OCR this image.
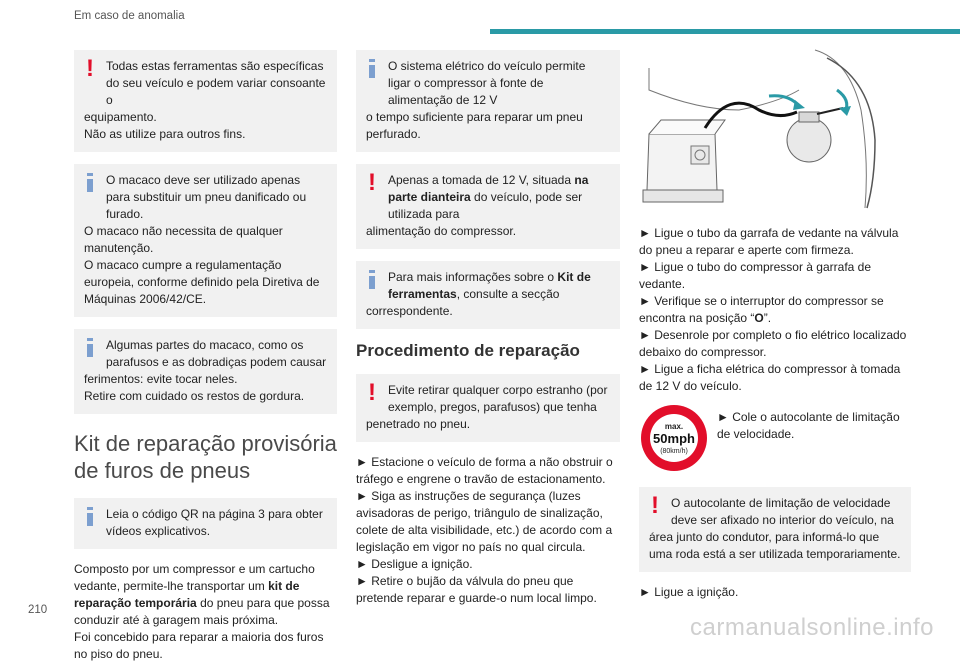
Em caso de anomalia
!	Todas estas ferramentas são específicas do seu veículo e podem variar consoante o
equipamento.
Não as utilize para outros fins.
O macaco deve ser utilizado apenas para substituir um pneu danificado ou furado.
O macaco não necessita de qualquer manutenção.
O macaco cumpre a regulamentação europeia, conforme definido pela Diretiva de Máquinas 2006/42/CE.
Algumas partes do macaco, como os parafusos e as dobradiças podem causar
ferimentos: evite tocar neles.
Retire com cuidado os restos de gordura.
Kit de reparação provisória de furos de pneus
Leia o código QR na página 3 para obter vídeos explicativos.

Composto por um compressor e um cartucho vedante, permite-lhe transportar um kit de reparação temporária do pneu para que possa conduzir até à garagem mais próxima.

Foi concebido para reparar a maioria dos furos no piso do pneu.

O sistema elétrico do veículo permite ligar o compressor à fonte de alimentação de 12 V
o tempo suficiente para reparar um pneu perfurado.
!	Apenas a tomada de 12 V, situada na parte dianteira do veículo, pode ser utilizada para
alimentação do compressor.
Para mais informações sobre o Kit de ferramentas, consulte a secção
correspondente.
Procedimento de reparação
!	Evite retirar qualquer corpo estranho (por exemplo, pregos, parafusos) que tenha
penetrado no pneu.

► Estacione o veículo de forma a não obstruir o tráfego e engrene o travão de estacionamento.

► Siga as instruções de segurança (luzes avisadoras de perigo, triângulo de sinalização, colete de alta visibilidade, etc.) de acordo com a legislação em vigor no país no qual circula.

► Desligue a ignição.

► Retire o bujão da válvula do pneu que pretende reparar e guarde-o num local limpo.

► Ligue o tubo da garrafa de vedante na válvula do pneu a reparar e aperte com firmeza.

► Ligue o tubo do compressor à garrafa de vedante.

► Verifique se o interruptor do compressor se encontra na posição “O”.

► Desenrole por completo o fio elétrico localizado debaixo do compressor.

► Ligue a ficha elétrica do compressor à tomada de 12 V do veículo.

max.
50mph
(80km/h)
► Cole o autocolante de limitação de velocidade.
!	O autocolante de limitação de velocidade deve ser afixado no interior do veículo, na
área junto do condutor, para informá-lo que uma roda está a ser utilizada temporariamente.

► Ligue a ignição.

210
carmanualsonline.info
